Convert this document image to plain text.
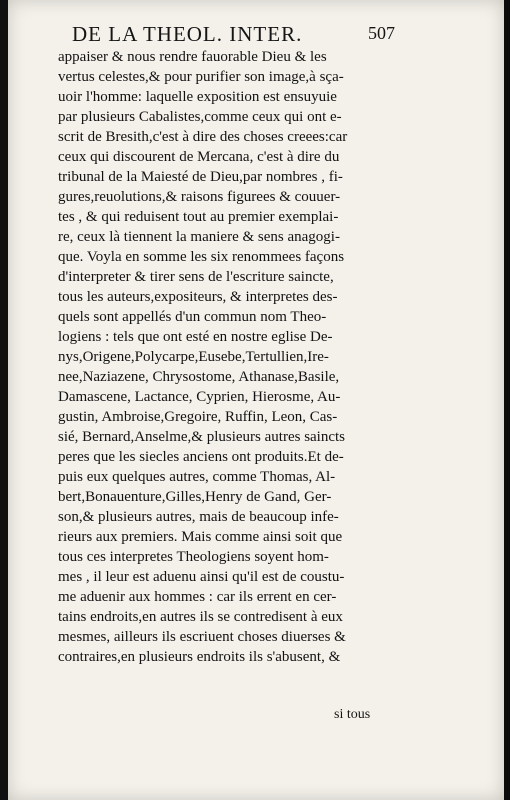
DE LA THEOL. INTER.	507
appaiser & nous rendre fauorable Dieu & les
vertus celestes,& pour purifier son image,à sça-
uoir l'homme: laquelle exposition est ensuyuie
par plusieurs Cabalistes,comme ceux qui ont e-
scrit de Bresith,c'est à dire des choses creees:car
ceux qui discourent de Mercana, c'est à dire du
tribunal de la Maiesté de Dieu,par nombres , fi-
gures,reuolutions,& raisons figurees & couuer-
tes , & qui reduisent tout au premier exemplai-
re, ceux là tiennent la maniere & sens anagogi-
que. Voyla en somme les six renommees façons
d'interpreter & tirer sens de l'escriture saincte,
tous les auteurs,expositeurs, & interpretes des-
quels sont appellés d'un commun nom Theo-
logiens : tels que ont esté en nostre eglise De-
nys,Origene,Polycarpe,Eusebe,Tertullien,Ire-
nee,Naziazene, Chrysostome, Athanase,Basile,
Damascene, Lactance, Cyprien, Hierosme, Au-
gustin, Ambroise,Gregoire, Ruffin, Leon, Cas-
sié, Bernard,Anselme,& plusieurs autres saincts
peres que les siecles anciens ont produits.Et de-
puis eux quelques autres, comme Thomas, Al-
bert,Bonauenture,Gilles,Henry de Gand, Ger-
son,& plusieurs autres, mais de beaucoup infe-
rieurs aux premiers. Mais comme ainsi soit que
tous ces interpretes Theologiens soyent hom-
mes , il leur est aduenu ainsi qu'il est de coustu-
me aduenir aux hommes : car ils errent en cer-
tains endroits,en autres ils se contredisent à eux
mesmes, ailleurs ils escriuent choses diuerses &
contraires,en plusieurs endroits ils s'abusent, &
si tous
